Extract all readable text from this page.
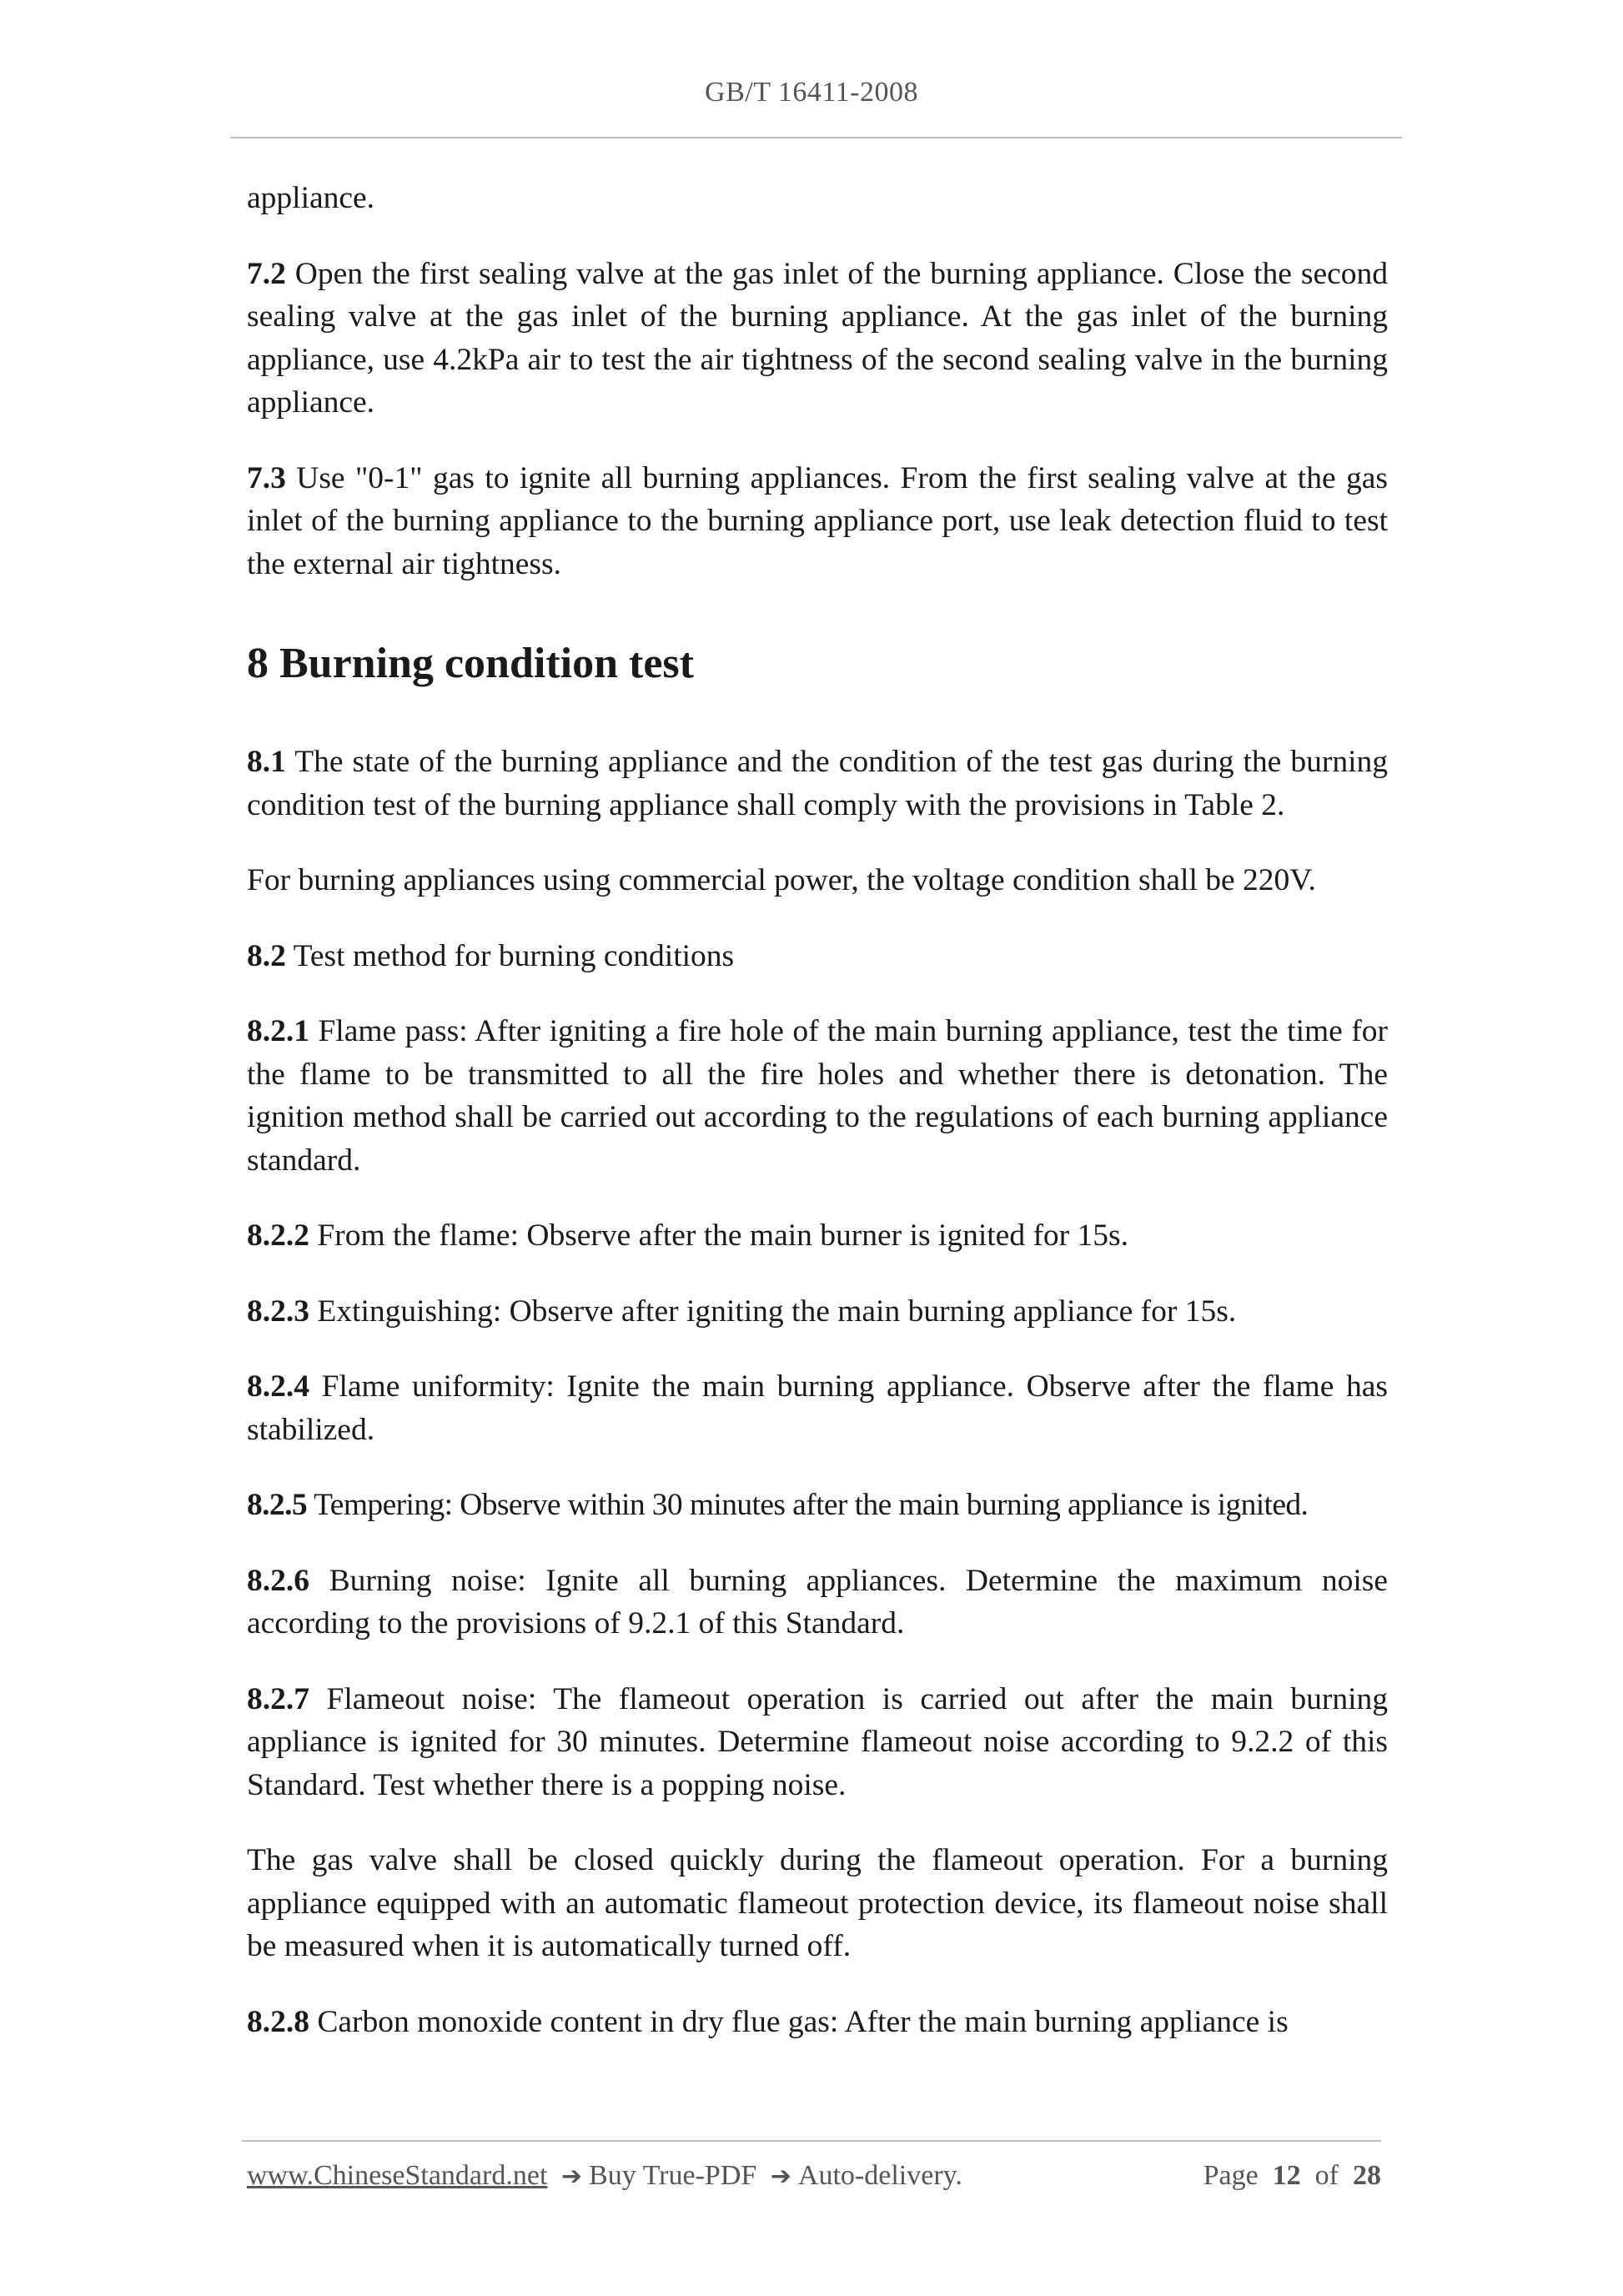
GB/T 16411-2008

appliance.

7.2 Open the first sealing valve at the gas inlet of the burning appliance. Close the second sealing valve at the gas inlet of the burning appliance. At the gas inlet of the burning appliance, use 4.2kPa air to test the air tightness of the second sealing valve in the burning appliance.

7.3 Use "0-1" gas to ignite all burning appliances. From the first sealing valve at the gas inlet of the burning appliance to the burning appliance port, use leak detection fluid to test the external air tightness.

8 Burning condition test

8.1 The state of the burning appliance and the condition of the test gas during the burning condition test of the burning appliance shall comply with the provisions in Table 2.

For burning appliances using commercial power, the voltage condition shall be 220V.

8.2 Test method for burning conditions

8.2.1 Flame pass: After igniting a fire hole of the main burning appliance, test the time for the flame to be transmitted to all the fire holes and whether there is detonation. The ignition method shall be carried out according to the regulations of each burning appliance standard.

8.2.2 From the flame: Observe after the main burner is ignited for 15s.

8.2.3 Extinguishing: Observe after igniting the main burning appliance for 15s.

8.2.4 Flame uniformity: Ignite the main burning appliance. Observe after the flame has stabilized.

8.2.5 Tempering: Observe within 30 minutes after the main burning appliance is ignited.

8.2.6 Burning noise: Ignite all burning appliances. Determine the maximum noise according to the provisions of 9.2.1 of this Standard.

8.2.7 Flameout noise: The flameout operation is carried out after the main burning appliance is ignited for 30 minutes. Determine flameout noise according to 9.2.2 of this Standard. Test whether there is a popping noise.

The gas valve shall be closed quickly during the flameout operation. For a burning appliance equipped with an automatic flameout protection device, its flameout noise shall be measured when it is automatically turned off.

8.2.8 Carbon monoxide content in dry flue gas: After the main burning appliance is

www.ChineseStandard.net ➔ Buy True-PDF ➔ Auto-delivery.	Page 12 of 28
